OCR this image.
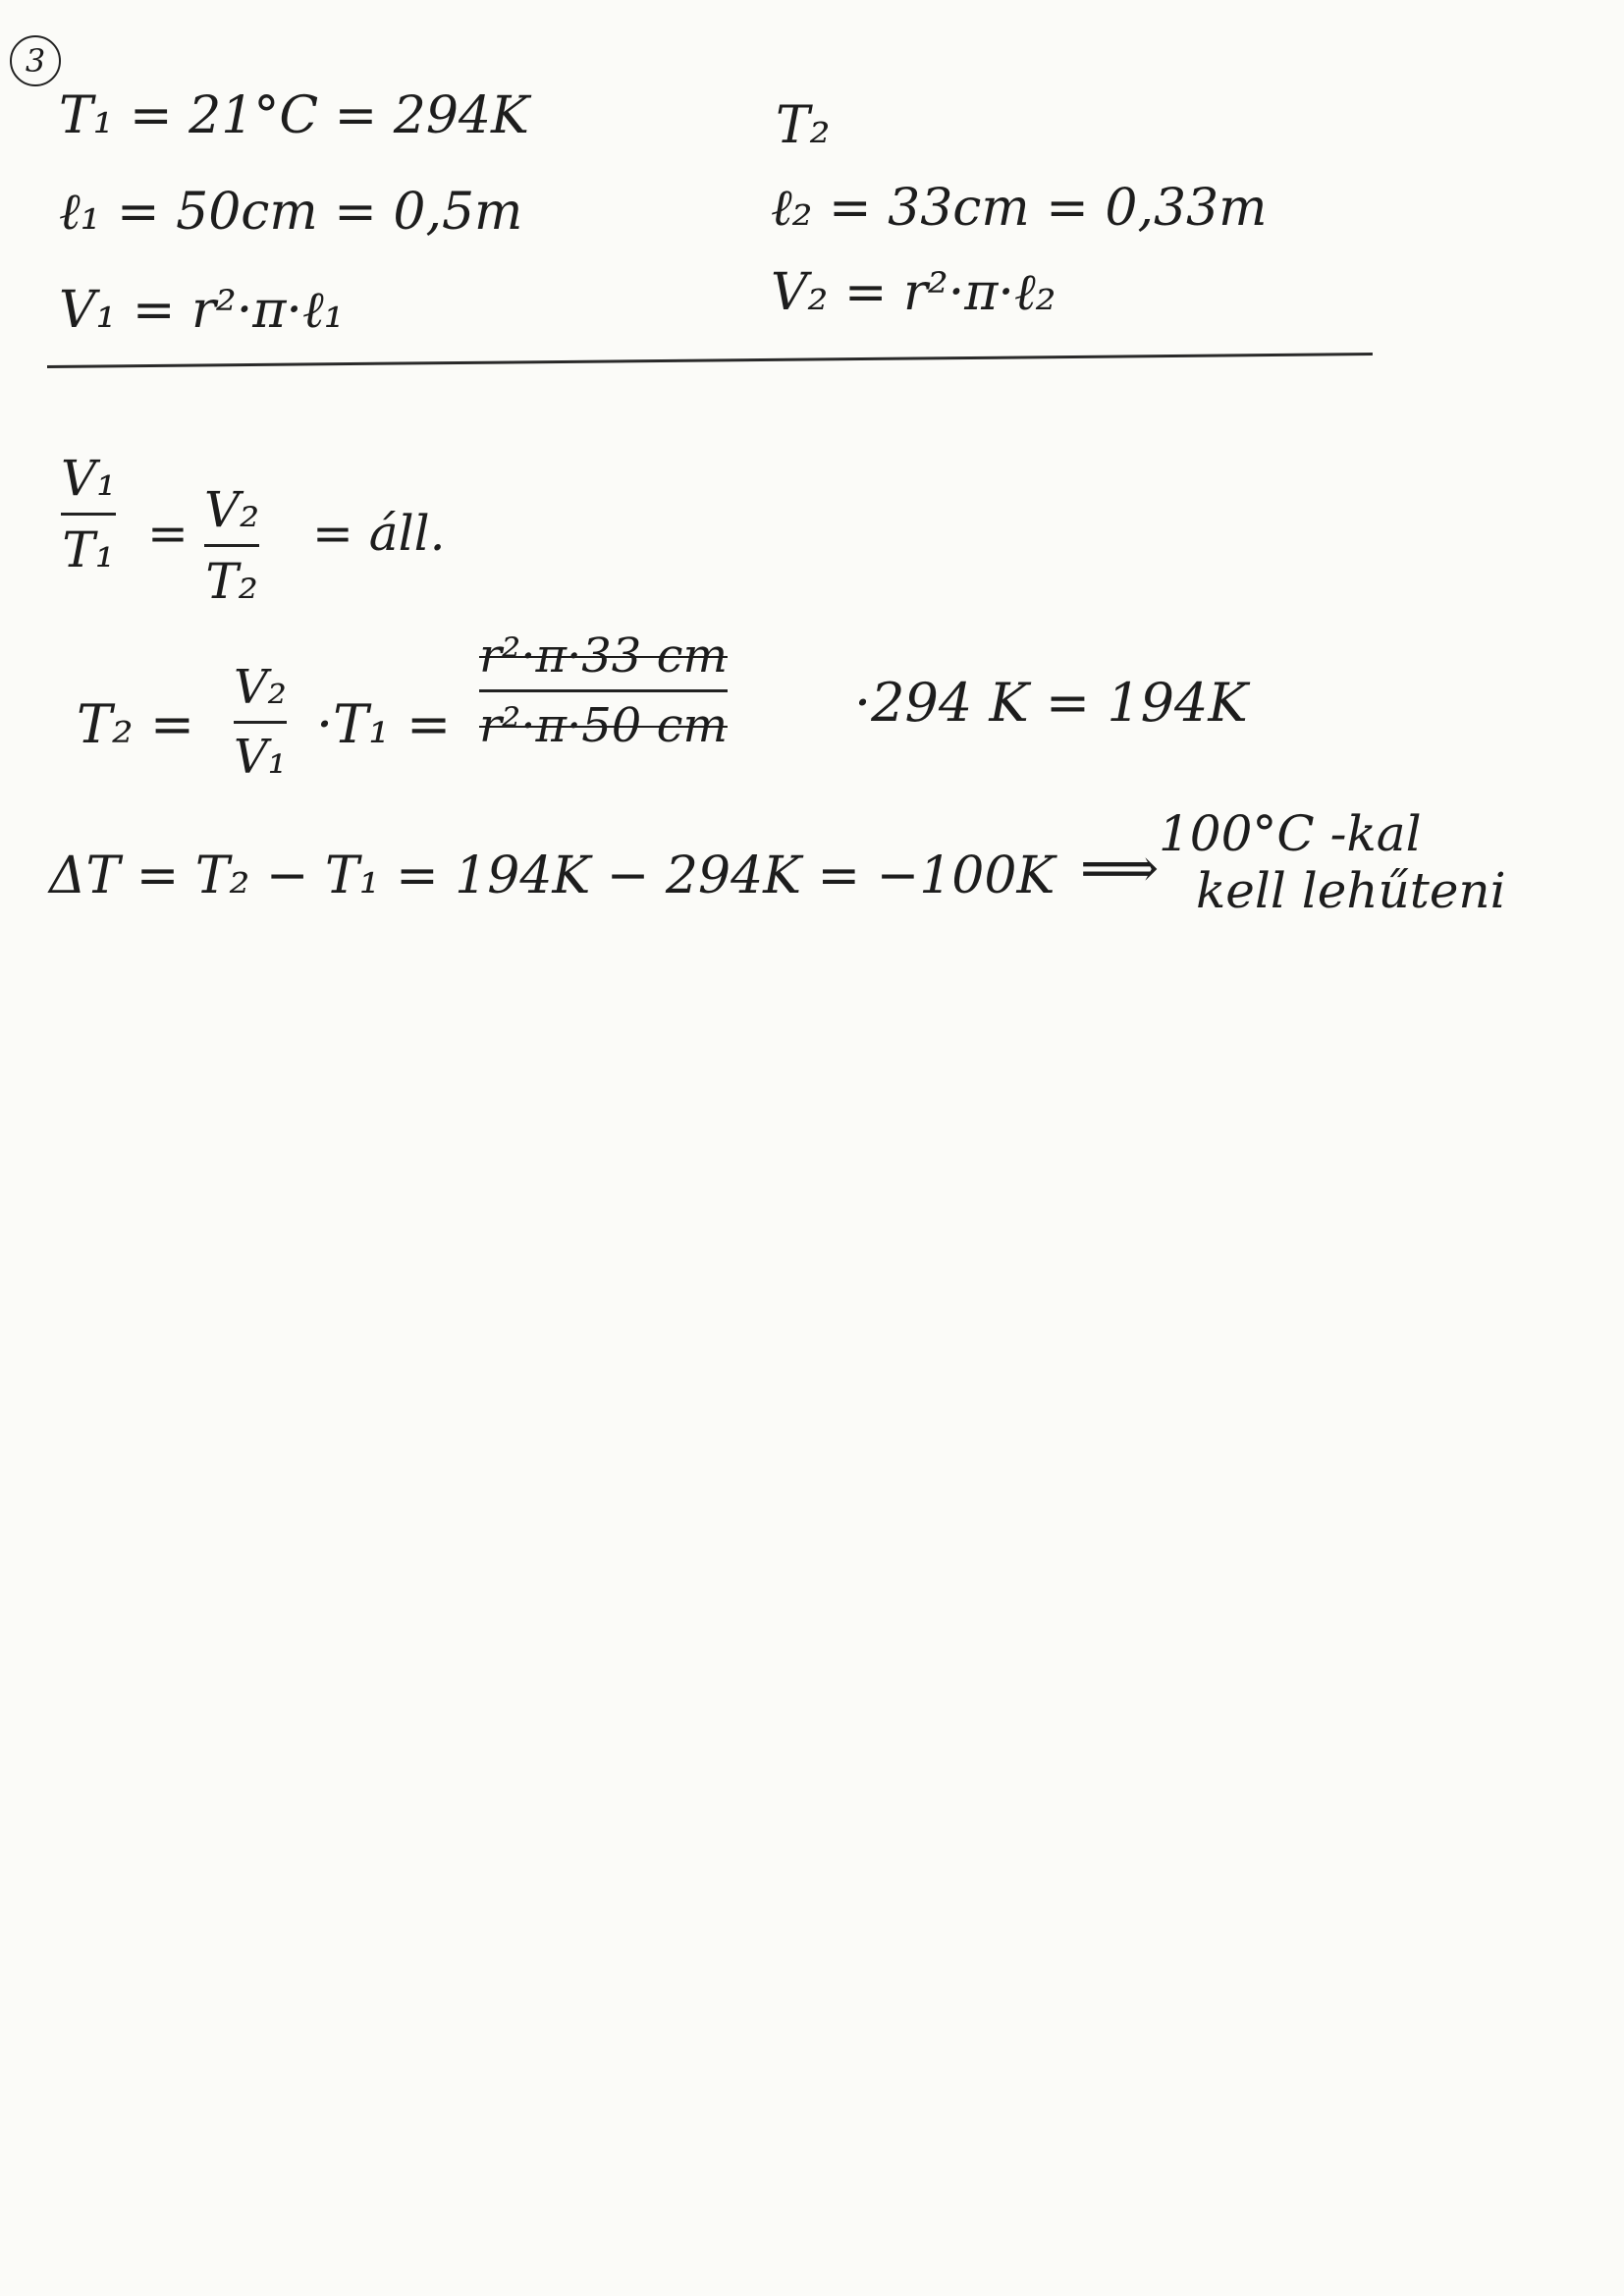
3
T₁ = 21°C = 294K
ℓ₁ = 50cm = 0,5m
V₁ = r²·π·ℓ₁
T₂
ℓ₂ = 33cm = 0,33m
V₂ = r²·π·ℓ₂
V₁
T₁ = V₂
T₂
= áll.
T₂ =
V₂
V₁
·T₁ =
r²·π·33 cm
r²·π·50 cm ·294 K = 194K
ΔT = T₂ − T₁ = 194K − 294K = −100K ⟹
100°C -kal
kell lehűteni
